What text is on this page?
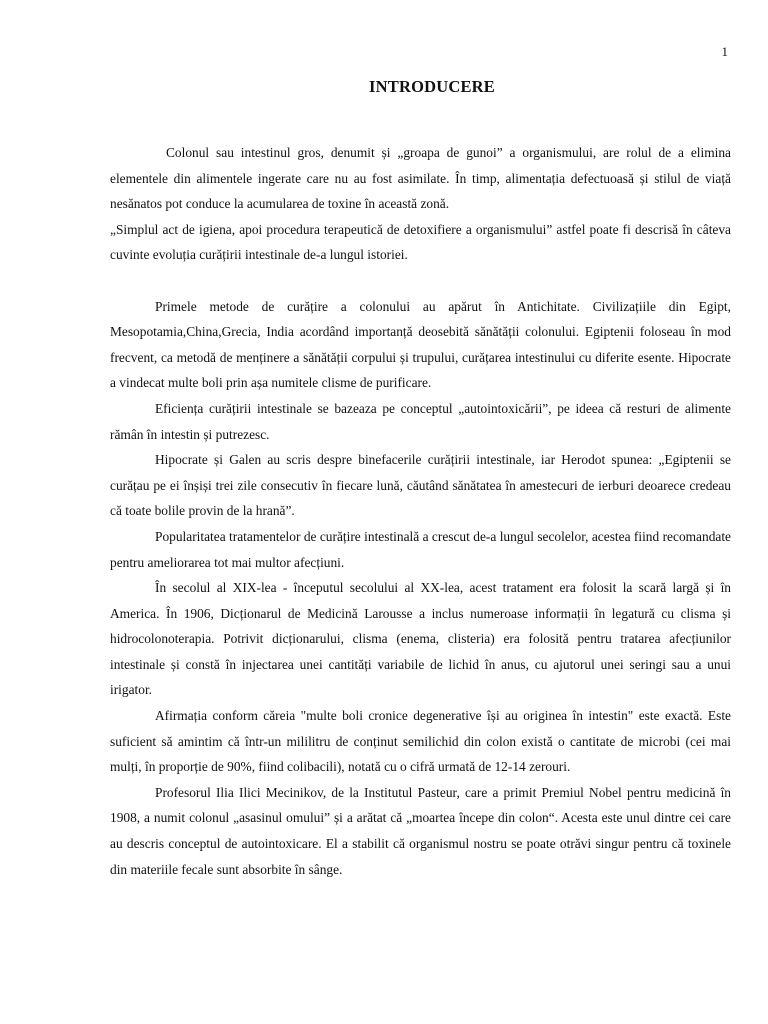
1
INTRODUCERE

Colonul sau intestinul gros, denumit și „groapa de gunoi” a organismului, are rolul de a elimina elementele din alimentele ingerate care nu au fost asimilate. În timp, alimentația defectuoasă și stilul de viață nesănatos pot conduce la acumularea de toxine în această zonă.

„Simplul act de igiena, apoi procedura terapeutică de detoxifiere a organismului” astfel poate fi descrisă în câteva cuvinte evoluția curățirii intestinale de-a lungul istoriei.

Primele metode de curățire a colonului au apărut în Antichitate. Civilizațiile din Egipt, Mesopotamia,China,Grecia, India acordând importanță deosebită sănătății colonului. Egiptenii foloseau în mod frecvent, ca metodă de menținere a sănătății corpului și trupului, curățarea intestinului cu diferite esente. Hipocrate a vindecat multe boli prin așa numitele clisme de purificare.

Eficiența curățirii intestinale se bazeaza pe conceptul „autointoxicării”, pe ideea că resturi de alimente rămân în intestin și putrezesc.

Hipocrate și Galen au scris despre binefacerile curățirii intestinale, iar Herodot spunea: „Egiptenii se curățau pe ei înșiși trei zile consecutiv în fiecare lună, căutând sănătatea în amestecuri de ierburi deoarece credeau că toate bolile provin de la hrană”.

Popularitatea tratamentelor de curățire intestinală a crescut de-a lungul secolelor, acestea fiind recomandate pentru ameliorarea tot mai multor afecțiuni.

În secolul al XIX-lea - începutul secolului al XX-lea, acest tratament era folosit la scară largă și în America. În 1906, Dicționarul de Medicină Larousse a inclus numeroase informații în legatură cu clisma și hidrocolonoterapia. Potrivit dicționarului, clisma (enema, clisteria) era folosită pentru tratarea afecțiunilor intestinale și constă în injectarea unei cantități variabile de lichid în anus, cu ajutorul unei seringi sau a unui irigator.

Afirmația conform căreia "multe boli cronice degenerative își au originea în intestin" este exactă. Este suficient să amintim că într-un mililitru de conținut semilichid din colon există o cantitate de microbi (cei mai mulți, în proporție de 90%, fiind colibacili), notată cu o cifră urmată de 12-14 zerouri.

Profesorul Ilia Ilici Mecinikov, de la Institutul Pasteur, care a primit Premiul Nobel pentru medicină în 1908, a numit colonul „asasinul omului” și a arătat că „moartea începe din colon“. Acesta este unul dintre cei care au descris conceptul de autointoxicare. El a stabilit că organismul nostru se poate otrăvi singur pentru că toxinele din materiile fecale sunt absorbite în sânge.
